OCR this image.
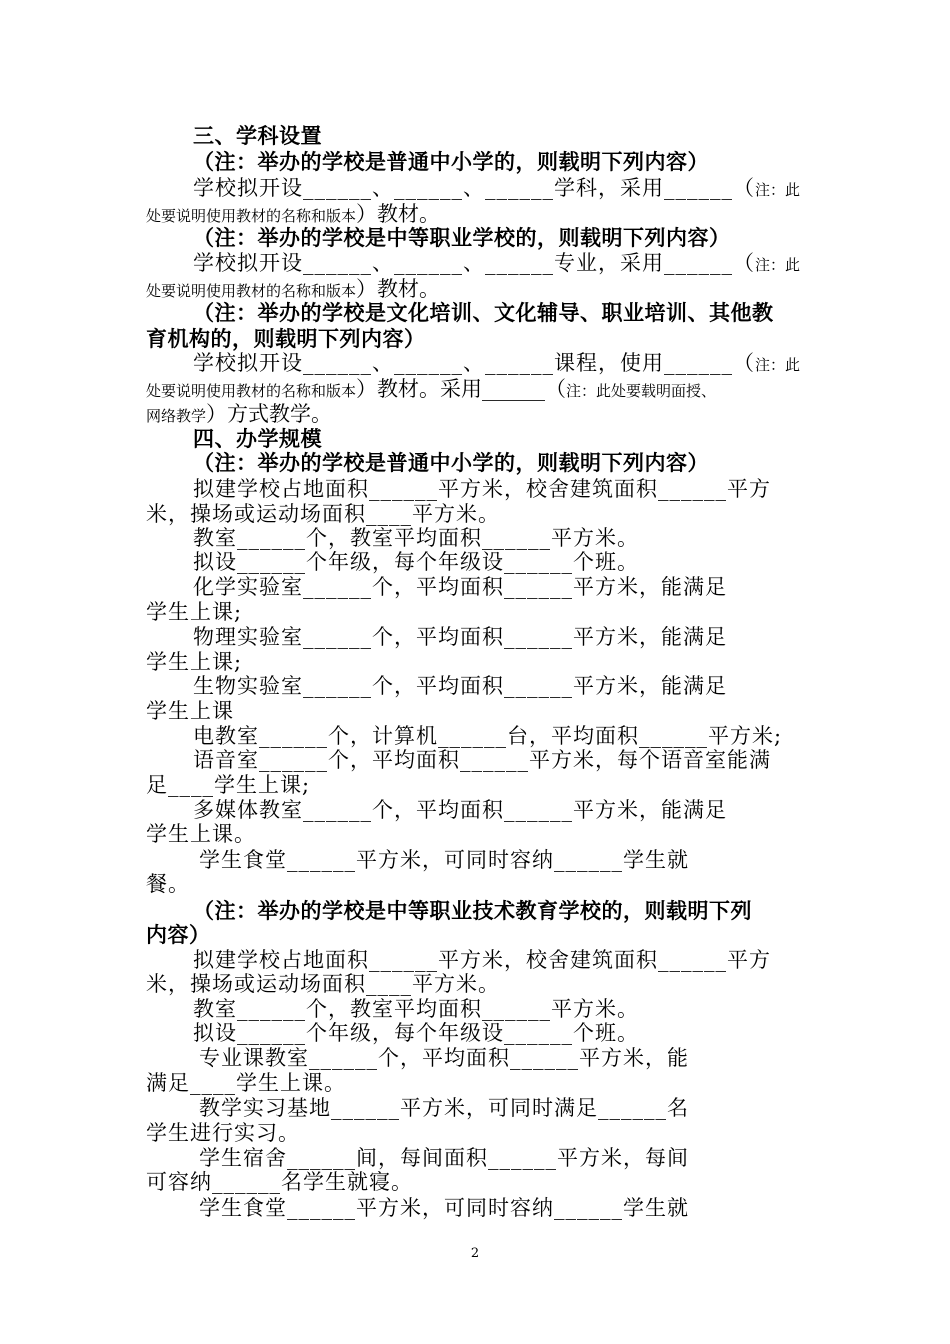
三、学科设置
（注：举办的学校是普通中小学的，则载明下列内容）
学校拟开设______、______、______学科，采用______（注：此
处要说明使用教材的名称和版本）教材。
（注：举办的学校是中等职业学校的，则载明下列内容）
学校拟开设______、______、______专业，采用______（注：此
处要说明使用教材的名称和版本）教材。
（注：举办的学校是文化培训、文化辅导、职业培训、其他教
育机构的，则载明下列内容）
学校拟开设______、______、______课程，使用______（注：此
处要说明使用教材的名称和版本）教材。采用______（注：此处要载明面授、
网络教学）方式教学。
四、办学规模
（注：举办的学校是普通中小学的，则载明下列内容）
拟建学校占地面积______平方米，校舍建筑面积______平方
米，操场或运动场面积____平方米。
教室______个，教室平均面积______平方米。
拟设______个年级，每个年级设______个班。
化学实验室______个，平均面积______平方米，能满足
学生上课;
物理实验室______个，平均面积______平方米，能满足
学生上课;
生物实验室______个，平均面积______平方米，能满足
学生上课
电教室______个，计算机______台，平均面积______平方米;
语音室______个，平均面积______平方米，每个语音室能满
足____学生上课;
多媒体教室______个，平均面积______平方米，能满足
学生上课。
学生食堂______平方米，可同时容纳______学生就
餐。
（注：举办的学校是中等职业技术教育学校的，则载明下列
内容）
拟建学校占地面积______平方米，校舍建筑面积______平方
米，操场或运动场面积____平方米。
教室______个，教室平均面积______平方米。
拟设______个年级，每个年级设______个班。
专业课教室______个，平均面积______平方米，能
满足____学生上课。
教学实习基地______平方米，可同时满足______名
学生进行实习。
学生宿舍______间，每间面积______平方米，每间
可容纳______名学生就寝。
学生食堂______平方米，可同时容纳______学生就
2
